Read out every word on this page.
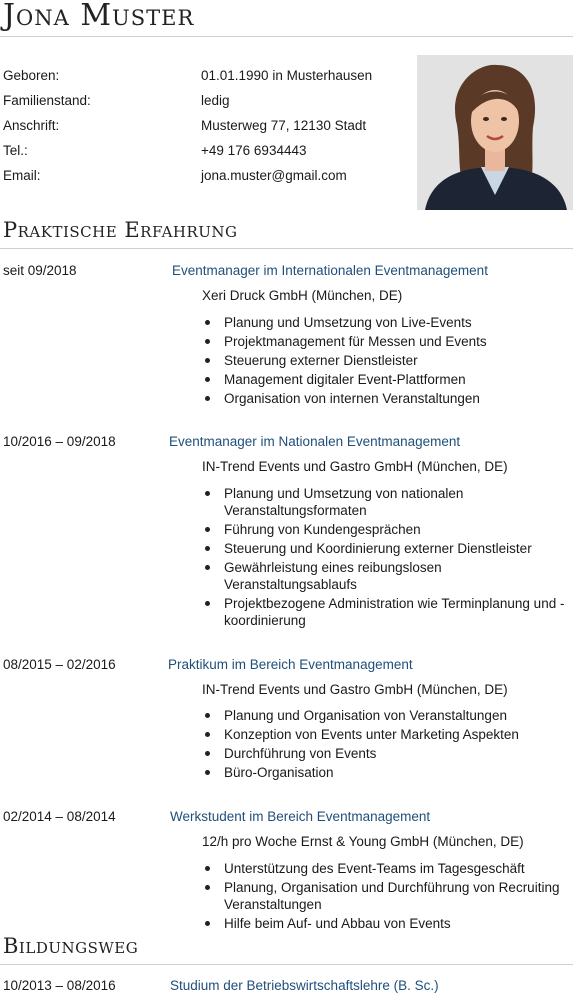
Jona Muster
Geboren:	01.01.1990 in Musterhausen
Familienstand:	ledig
Anschrift:	Musterweg 77, 12130 Stadt
Tel.:	+49 176 6934443
Email:	jona.muster@gmail.com
Praktische Erfahrung
seit 09/2018	Eventmanager im Internationalen Eventmanagement
Xeri Druck GmbH (München, DE)
Planung und Umsetzung von Live-Events
Projektmanagement für Messen und Events
Steuerung externer Dienstleister
Management digitaler Event-Plattformen
Organisation von internen Veranstaltungen
10/2016 – 09/2018	Eventmanager im Nationalen Eventmanagement
IN-Trend Events und Gastro GmbH (München, DE)
Planung und Umsetzung von nationalen Veranstaltungsformaten
Führung von Kundengesprächen
Steuerung und Koordinierung externer Dienstleister
Gewährleistung eines reibungslosen Veranstaltungsablaufs
Projektbezogene Administration wie Terminplanung und -koordinierung
08/2015 – 02/2016	Praktikum im Bereich Eventmanagement
IN-Trend Events und Gastro GmbH (München, DE)
Planung und Organisation von Veranstaltungen
Konzeption von Events unter Marketing Aspekten
Durchführung von Events
Büro-Organisation
02/2014 – 08/2014	Werkstudent im Bereich Eventmanagement
12/h pro Woche Ernst & Young GmbH (München, DE)
Unterstützung des Event-Teams im Tagesgeschäft
Planung, Organisation und Durchführung von Recruiting Veranstaltungen
Hilfe beim Auf- und Abbau von Events
Bildungsweg
10/2013 – 08/2016	Studium der Betriebswirtschaftslehre (B. Sc.)
